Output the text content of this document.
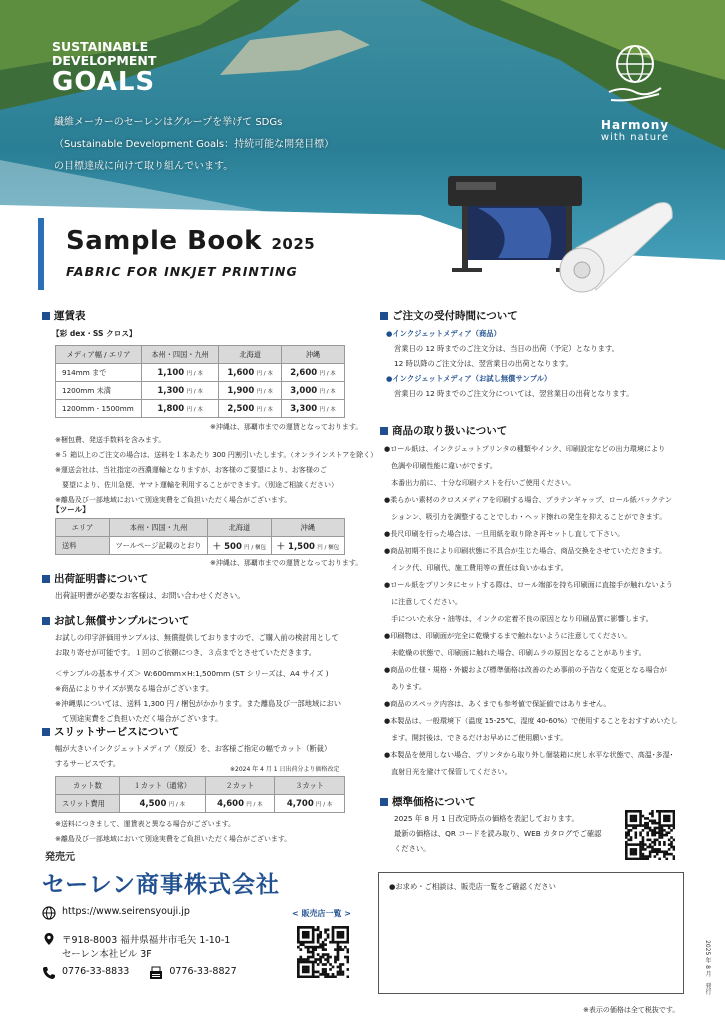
SUSTAINABLE
DEVELOPMENT
GOALS
繊維メーカーのセーレンはグループを挙げて SDGs
（Sustainable Development Goals：持続可能な開発目標）
の目標達成に向けて取り組んでいます。
Harmony
with nature
Sample Book 2025
FABRIC FOR INKJET PRINTING
運賃表
【彩 dex・SS クロス】
メディア幅 / エリア	本州・四国・九州	北海道	沖縄
914mm まで	1,100 円 / 本	1,600 円 / 本	2,600 円 / 本
1200mm 未満	1,300 円 / 本	1,900 円 / 本	3,000 円 / 本
1200mm - 1500mm	1,800 円 / 本	2,500 円 / 本	3,300 円 / 本
※沖縄は、那覇市までの運賃となっております。
※梱包費、発送手数料を含みます。
※５ 箱以上のご注文の場合は、送料を１本あたり 300 円割引いたします。（オンラインストアを除く）
※運送会社は、当社指定の西濃運輸となりますが、お客様のご要望により、お客様のご
　要望により、佐川急便、ヤマト運輸を利用することができます。（別途ご相談ください）
※離島及び一部地域において別途実費をご負担いただく場合がございます。
【ツール】
エリア	本州・四国・九州	北海道	沖縄
送料	ツールページ記載のとおり	＋ 500 円 / 梱包	＋ 1,500 円 / 梱包
※沖縄は、那覇市までの運賃となっております。
出荷証明書について
出荷証明書が必要なお客様は、お問い合わせください。
お試し無償サンプルについて
お試しの印字評価用サンプルは、無償提供しておりますので、ご購入前の検討用として
お取り寄せが可能です。１回のご依頼につき、３点までとさせていただきます。
＜サンプルの基本サイズ＞ W:600mm×H:1,500mm (ST シリーズは、A4 サイズ )
※商品によりサイズが異なる場合がございます。
※沖縄県については、送料 1,300 円 / 梱包がかかります。また離島及び一部地域におい
　て別途実費をご負担いただく場合がございます。
スリットサービスについて
幅が大きいインクジェットメディア（原反）を、お客様ご指定の幅でカット（断裁）
するサービスです。
※2024 年 4 月 1 日出荷分より価格改定
カット数	１カット（通常）	２カット	３カット
スリット費用	4,500 円 / 本	4,600 円 / 本	4,700 円 / 本
※送料につきまして、運賃表と異なる場合がございます。
※離島及び一部地域において別途実費をご負担いただく場合がございます。
発売元
セーレン商事株式会社
https://www.seirensyouji.jp
〒918-8003 福井県福井市毛矢 1-10-1
セーレン本社ビル 3F
0776-33-8833	0776-33-8827
< 販売店一覧 >
ご注文の受付時間について
●インクジェットメディア（商品）
営業日の 12 時までのご注文分は、当日の出荷（予定）となります。
12 時以降のご注文分は、翌営業日の出荷となります。
●インクジェットメディア（お試し無償サンプル）
営業日の 12 時までのご注文分については、翌営業日の出荷となります。
商品の取り扱いについて
●ロール紙は、インクジェットプリンタの種類やインク、印刷設定などの出力環境により
　色調や印刷性能に違いがでます。
　本番出力前に、十分な印刷テストを行いご使用ください。
●柔らかい素材のクロスメディアを印刷する場合、プラテンギャップ、ロール紙バックテン
　ションン、吸引力を調整することでしわ・ヘッド擦れの発生を抑えることができます。
●長尺印刷を行った場合は、一旦用紙を取り除き再セットし直して下さい。
●商品初期不良により印刷状態に不具合が生じた場合、商品交換をさせていただきます。
　インク代、印刷代、施工費用等の責任は負いかねます。
●ロール紙をプリンタにセットする際は、ロール端部を持ち印刷面に直接手が触れないよう
　に注意してください。
　手についた水分・油等は、インクの定着不良の原因となり印刷品質に影響します。
●印刷物は、印刷面が完全に乾燥するまで触れないように注意してください。
　未乾燥の状態で、印刷面に触れた場合、印刷ムラの原因となることがあります。
●商品の仕様・規格・外観および標準価格は改善のため事前の予告なく変更となる場合が
　あります。
●商品のスペック内容は、あくまでも参考値で保証値ではありません。
●本製品は、一般環境下（温度 15-25℃、湿度 40-60%）で使用することをおすすめいたし
　ます。開封後は、できるだけお早めにご使用願います。
●本製品を使用しない場合、プリンタから取り外し個装箱に戻し水平な状態で、高温･多湿･
　直射日光を避けて保管してください。
標準価格について
2025 年 8 月 1 日改定時点の価格を表記しております。
最新の価格は、QR コードを読み取り、WEB カタログでご確認
ください。
●お求め・ご相談は、販売店一覧をご確認ください
2025 年 8 月　発行
※表示の価格は全て税抜です。
